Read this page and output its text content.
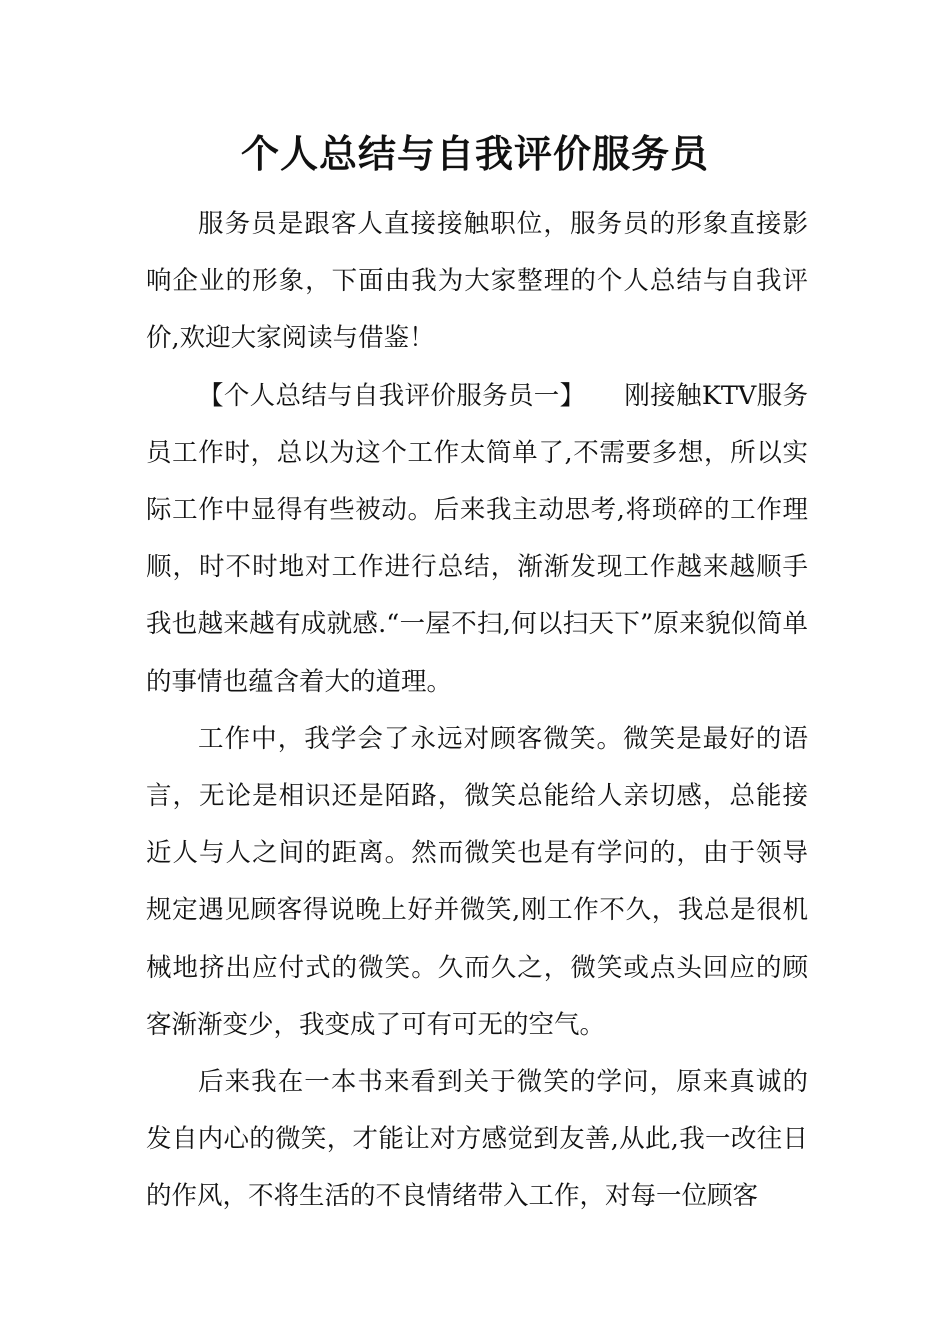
个人总结与自我评价服务员

服务员是跟客人直接接触职位，服务员的形象直接影响企业的形象，下面由我为大家整理的个人总结与自我评价,欢迎大家阅读与借鉴！

【个人总结与自我评价服务员一】　　刚接触KTV服务员工作时，总以为这个工作太简单了,不需要多想，所以实际工作中显得有些被动。后来我主动思考,将琐碎的工作理顺，时不时地对工作进行总结，渐渐发现工作越来越顺手我也越来越有成就感.“一屋不扫,何以扫天下”原来貌似简单的事情也蕴含着大的道理。

工作中，我学会了永远对顾客微笑。微笑是最好的语言，无论是相识还是陌路，微笑总能给人亲切感，总能接近人与人之间的距离。然而微笑也是有学问的，由于领导规定遇见顾客得说晚上好并微笑,刚工作不久，我总是很机械地挤出应付式的微笑。久而久之，微笑或点头回应的顾客渐渐变少，我变成了可有可无的空气。

后来我在一本书来看到关于微笑的学问，原来真诚的发自内心的微笑，才能让对方感觉到友善,从此,我一改往日的作风，不将生活的不良情绪带入工作，对每一位顾客
